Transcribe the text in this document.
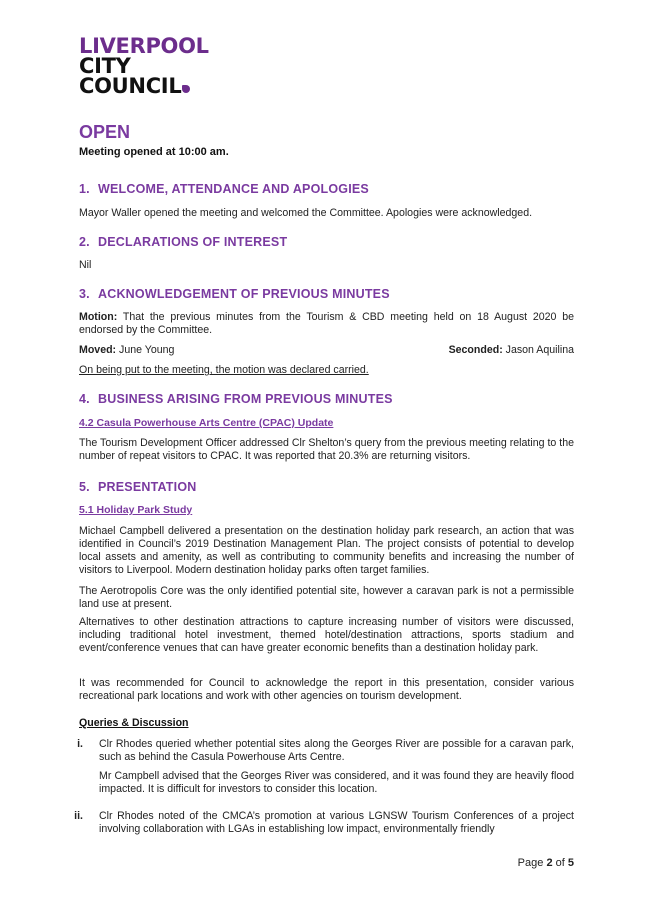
LIVERPOOL
CITY
COUNCIL
OPEN
Meeting opened at 10:00 am.
1. WELCOME, ATTENDANCE AND APOLOGIES

Mayor Waller opened the meeting and welcomed the Committee. Apologies were acknowledged.

2. DECLARATIONS OF INTEREST

Nil

3. ACKNOWLEDGEMENT OF PREVIOUS MINUTES

Motion: That the previous minutes from the Tourism & CBD meeting held on 18 August 2020 be endorsed by the Committee.

Moved: June Young	Seconded: Jason Aquilina

On being put to the meeting, the motion was declared carried.

4. BUSINESS ARISING FROM PREVIOUS MINUTES
4.2 Casula Powerhouse Arts Centre (CPAC) Update

The Tourism Development Officer addressed Clr Shelton’s query from the previous meeting relating to the number of repeat visitors to CPAC. It was reported that 20.3% are returning visitors.

5. PRESENTATION
5.1 Holiday Park Study

Michael Campbell delivered a presentation on the destination holiday park research, an action that was identified in Council’s 2019 Destination Management Plan. The project consists of potential to develop local assets and amenity, as well as contributing to community benefits and increasing the number of visitors to Liverpool. Modern destination holiday parks often target families.

The Aerotropolis Core was the only identified potential site, however a caravan park is not a permissible land use at present.

Alternatives to other destination attractions to capture increasing number of visitors were discussed, including traditional hotel investment, themed hotel/destination attractions, sports stadium and event/conference venues that can have greater economic benefits than a destination holiday park.

It was recommended for Council to acknowledge the report in this presentation, consider various recreational park locations and work with other agencies on tourism development.

Queries & Discussion
i. Clr Rhodes queried whether potential sites along the Georges River are possible for a caravan park, such as behind the Casula Powerhouse Arts Centre.

Mr Campbell advised that the Georges River was considered, and it was found they are heavily flood impacted. It is difficult for investors to consider this location.

ii. Clr Rhodes noted of the CMCA’s promotion at various LGNSW Tourism Conferences of a project involving collaboration with LGAs in establishing low impact, environmentally friendly

Page 2 of 5
